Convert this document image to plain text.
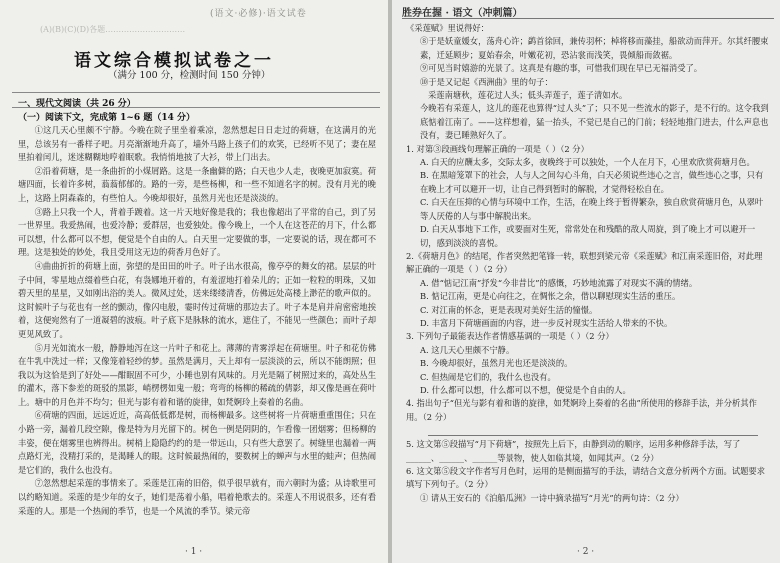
(语文·必修)·语文试卷
(A)(B)(C)(D)各题…………………………
语文综合模拟试卷之一
（满分 100 分，检测时间 150 分钟）
一、现代文阅读（共 26 分）
（一）阅读下文，完成第 1~6 题（14 分）

①这几天心里颇不宁静。今晚在院子里坐着乘凉，忽然想起日日走过的荷塘，在这满月的光里，总该另有一番样子吧。月亮渐渐地升高了，墙外马路上孩子们的欢笑，已经听不见了；妻在屋里拍着闰儿，迷迷糊糊地哼着眠歌。我悄悄地披了大衫，带上门出去。

②沿着荷塘，是一条曲折的小煤屑路。这是一条幽僻的路；白天也少人走，夜晚更加寂寞。荷塘四面，长着许多树，蓊蓊郁郁的。路的一旁，是些杨柳，和一些不知道名字的树。没有月光的晚上，这路上阴森森的，有些怕人。今晚却很好，虽然月光也还是淡淡的。

③路上只我一个人，背着手踱着。这一片天地好像是我的；我也像超出了平常的自己，到了另一世界里。我爱热闹，也爱冷静；爱群居，也爱独处。像今晚上，一个人在这苍茫的月下，什么都可以想，什么都可以不想，便觉是个自由的人。白天里一定要做的事，一定要说的话，现在都可不理。这是独处的妙处，我且受用这无边的荷香月色好了。

④曲曲折折的荷塘上面，弥望的是田田的叶子。叶子出水很高，像亭亭的舞女的裙。层层的叶子中间，零星地点缀着些白花，有袅娜地开着的，有羞涩地打着朵儿的；正如一粒粒的明珠，又如碧天里的星星，又如刚出浴的美人。微风过处，送来缕缕清香，仿佛远处高楼上渺茫的歌声似的。这时候叶子与花也有一丝的颤动，像闪电般，霎时传过荷塘的那边去了。叶子本是肩并肩密密地挨着，这便宛然有了一道凝碧的波痕。叶子底下是脉脉的流水，遮住了，不能见一些颜色；而叶子却更见风致了。

⑤月光如流水一般，静静地泻在这一片叶子和花上。薄薄的青雾浮起在荷塘里。叶子和花仿佛在牛乳中洗过一样；又像笼着轻纱的梦。虽然是满月，天上却有一层淡淡的云，所以不能朗照；但我以为这恰是到了好处——酣眠固不可少，小睡也别有风味的。月光是隔了树照过来的，高处丛生的灌木，落下参差的斑驳的黑影，峭楞楞如鬼一般；弯弯的杨柳的稀疏的倩影，却又像是画在荷叶上。塘中的月色并不均匀；但光与影有着和谐的旋律，如梵婀玲上奏着的名曲。

⑥荷塘的四面，远远近近，高高低低都是树，而杨柳最多。这些树将一片荷塘重重围住；只在小路一旁，漏着几段空隙，像是特为月光留下的。树色一例是阴阴的，乍看像一团烟雾；但杨柳的丰姿，便在烟雾里也辨得出。树梢上隐隐约约的是一带远山，只有些大意罢了。树缝里也漏着一两点路灯光，没精打采的，是渴睡人的眼。这时候最热闹的，要数树上的蝉声与水里的蛙声；但热闹是它们的，我什么也没有。

⑦忽然想起采莲的事情来了。采莲是江南的旧俗，似乎很早就有，而六朝时为盛；从诗歌里可以约略知道。采莲的是少年的女子，她们是荡着小船，唱着艳歌去的。采莲人不用说很多，还有看采莲的人。那是一个热闹的季节，也是一个风流的季节。梁元帝

· 1 ·
胜券在握 · 语文（冲刺篇）

《采莲赋》里说得好：

⑧于是妖童媛女，荡舟心许；鹢首徐回，兼传羽杯；棹将移而藻挂，船欲动而萍开。尔其纤腰束素，迁延顾步；夏始春余，叶嫩花初，恐沾裳而浅笑，畏倾船而敛裾。

⑨可见当时嬉游的光景了。这真是有趣的事，可惜我们现在早已无福消受了。

⑩于是又记起《西洲曲》里的句子：

采莲南塘秋，莲花过人头；低头弄莲子，莲子清如水。

今晚若有采莲人，这儿的莲花也算得“过人头”了；只不见一些流水的影子，是不行的。这令我到底惦着江南了。——这样想着，猛一抬头，不觉已是自己的门前；轻轻地推门进去，什么声息也没有，妻已睡熟好久了。

1. 对第③段画线句理解正确的一项是（ ）（2 分）

A. 白天的应酬太多，交际太多，夜晚终于可以独处，一个人在月下，心里欢欣赏荷塘月色。

B. 在黑暗笼罩下的社会，人与人之间勾心斗角，白天必须说些违心之言，做些违心之事，只有在晚上才可以避开一切，让自己得到暂时的解脱，才觉得轻松自在。

C. 白天在压抑的心情与环境中工作，生活，在晚上终于暂得繁杂，独自欣赏荷塘月色，从翠叶等人厌倦的人与事中解脱出来。

D. 白天从事地下工作，或要面对生死，常常处在和残酷的敌人周旋，到了晚上才可以避开一切，感到淡淡的喜悦。

2.《荷塘月色》的结尾，作者突然把笔锋一转，联想到梁元帝《采莲赋》和江南采莲旧俗，对此理解正确的一项是（ ）（2 分）

A. 借“惦记江南”抒发“今非昔比”的感慨，巧妙地流露了对现实不满的情绪。

B. 惦记江南，更是心向往之，在惆怅之余，借以聊慰现实生活的重压。

C. 对江南的怀念，更是表现对美好生活的憧憬。

D. 丰富月下荷塘画面的内容，进一步反衬现实生活给人带来的不快。

3. 下列句子最能表达作者情感基调的一项是（ ）（2 分）

A. 这几天心里颇不宁静。

B. 今晚却很好，虽然月光也还是淡淡的。

C. 但热闹是它们的，我什么也没有。

D. 什么都可以想，什么都可以不想，便觉是个自由的人。

4. 指出句子“但光与影有着和谐的旋律，如梵婀玲上奏着的名曲”所使用的修辞手法，并分析其作用。（2 分）

5. 这文第⑤段描写“月下荷塘”，按照先上后下，由静到动的顺序，运用多种修辞手法，写了______、______、______等景物，使人如临其境，如闻其声。（2 分）

6. 这文第⑤段文字作者写月色时，运用的是侧面描写的手法，请结合文意分析两个方面。试题要求填写下列句子。（2 分）

① 请从王安石的《泊船瓜洲》一诗中摘录描写“月光”的两句诗：（2 分）

· 2 ·
